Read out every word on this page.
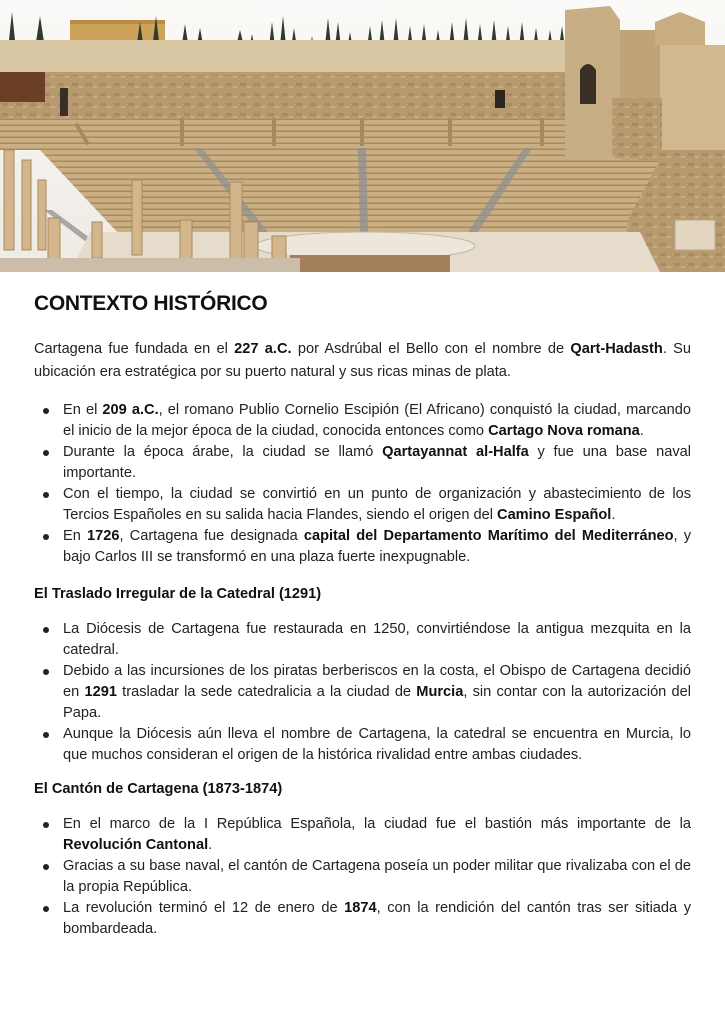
CONTEXTO HISTÓRICO

Cartagena fue fundada en el 227 a.C. por Asdrúbal el Bello con el nombre de Qart-Hadasth. Su ubicación era estratégica por su puerto natural y sus ricas minas de plata.

En el 209 a.C., el romano Publio Cornelio Escipión (El Africano) conquistó la ciudad, marcando el inicio de la mejor época de la ciudad, conocida entonces como Cartago Nova romana.
Durante la época árabe, la ciudad se llamó Qartayannat al-Halfa y fue una base naval importante.
Con el tiempo, la ciudad se convirtió en un punto de organización y abastecimiento de los Tercios Españoles en su salida hacia Flandes, siendo el origen del Camino Español.
En 1726, Cartagena fue designada capital del Departamento Marítimo del Mediterráneo, y bajo Carlos III se transformó en una plaza fuerte inexpugnable.
El Traslado Irregular de la Catedral (1291)
La Diócesis de Cartagena fue restaurada en 1250, convirtiéndose la antigua mezquita en la catedral.
Debido a las incursiones de los piratas berberiscos en la costa, el Obispo de Cartagena decidió en 1291 trasladar la sede catedralicia a la ciudad de Murcia, sin contar con la autorización del Papa.
Aunque la Diócesis aún lleva el nombre de Cartagena, la catedral se encuentra en Murcia, lo que muchos consideran el origen de la histórica rivalidad entre ambas ciudades.
El Cantón de Cartagena (1873-1874)
En el marco de la I República Española, la ciudad fue el bastión más importante de la Revolución Cantonal.
Gracias a su base naval, el cantón de Cartagena poseía un poder militar que rivalizaba con el de la propia República.
La revolución terminó el 12 de enero de 1874, con la rendición del cantón tras ser sitiada y bombardeada.
